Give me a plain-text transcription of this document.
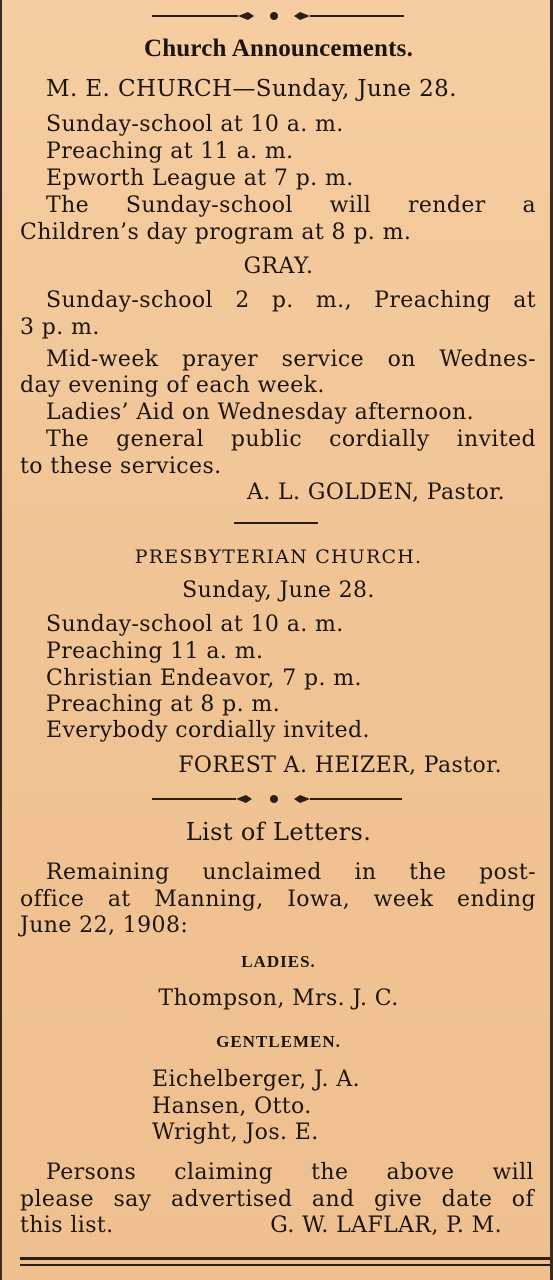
Church Announcements.
M. E. CHURCH—Sunday, June 28.
Sunday-school at 10 a. m.
Preaching at 11 a. m.
Epworth League at 7 p. m.
The Sunday-school will render a
Children’s day program at 8 p. m.
GRAY.
Sunday-school 2 p. m., Preaching at
3 p. m.
Mid-week prayer service on Wednes-
day evening of each week.
Ladies’ Aid on Wednesday afternoon.
The general public cordially invited
to these services.
A. L. GOLDEN, Pastor.
PRESBYTERIAN CHURCH.
Sunday, June 28.
Sunday-school at 10 a. m.
Preaching 11 a. m.
Christian Endeavor, 7 p. m.
Preaching at 8 p. m.
Everybody cordially invited.
FOREST A. HEIZER, Pastor.
List of Letters.
Remaining unclaimed in the post-
office at Manning, Iowa, week ending
June 22, 1908:
LADIES.
Thompson, Mrs. J. C.
GENTLEMEN.
Eichelberger, J. A.
Hansen, Otto.
Wright, Jos. E.
Persons claiming the above will
please say advertised and give date of
this list.	G. W. LAFLAR, P. M.
